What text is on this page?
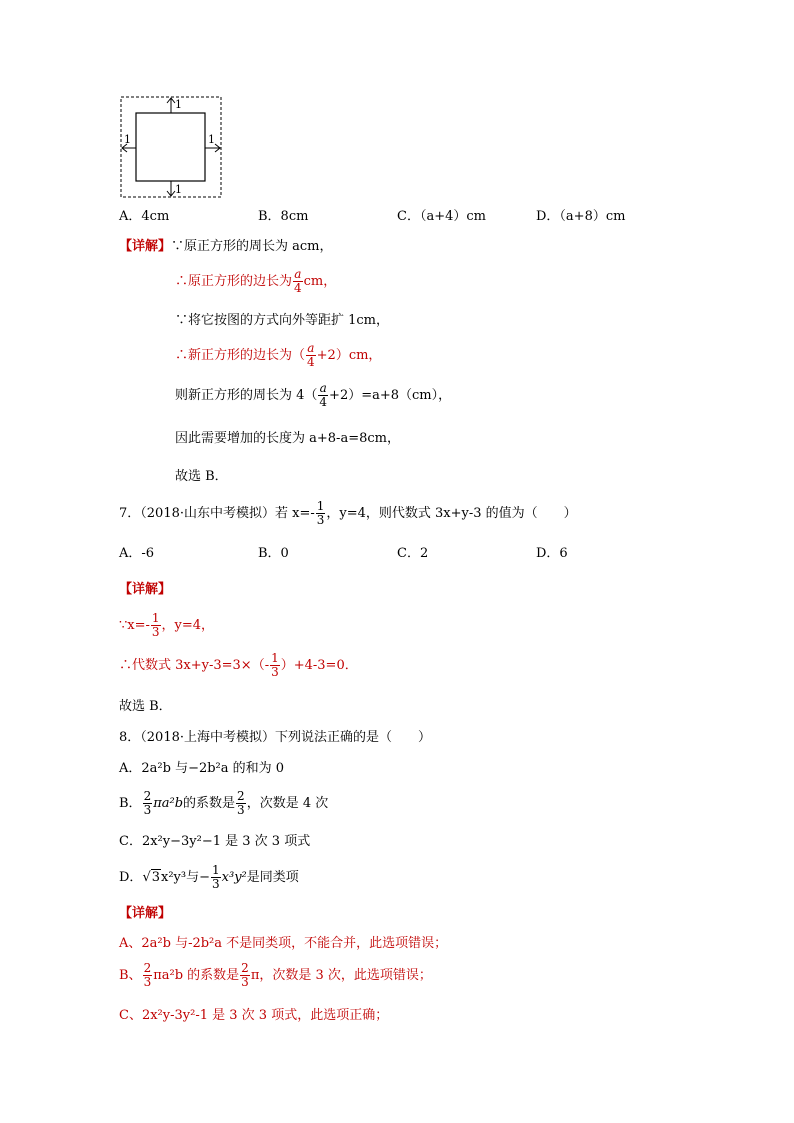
1
1	1
1
A．4cm	B．8cm	C．（a+4）cm	D．（a+8）cm
【详解】 ∵原正方形的周长为 acm，
∴原正方形的边长为 $\frac{a}{4}$ cm，
∵将它按图的方式向外等距扩 1cm，
∴新正方形的边长为（ $\frac{a}{4} +2)cm$，
则新正方形的周长为 $4( \frac{a}{4} +2)=a+8(cm)$，
因此需要增加的长度为 a+8-a=8cm，
故选 B．
7．（2018·山东中考模拟）若 $x=- \frac{1}{3}$ ，y=4，则代数式 3x+y-3 的值为（　　）
A．-6	B．0	C．2	D．6
【详解】
∵x=- $\frac{1}{3}$ ，y=4，
∴代数式 $3x+y-3=3\times(- \frac{1}{3} )+4-3=0$．
故选 B．
8．（2018·上海中考模拟）下列说法正确的是（　　）
A．2a²b 与−2b²a 的和为 0
B． $\frac{2}{3} \pi a^2b$ 的系数是 $\frac{2}{3}$ ，次数是 4 次
C．2x²y−3y²−1 是 3 次 3 项式
D． √3 x²y³与− $\frac{1}{3} x^3y^2$ 是同类项
【详解】
A、2a²b 与-2b²a 不是同类项，不能合并，此选项错误；
B、 $\frac{2}{3} \pi a^2b$ 的系数是 $\frac{2}{3}$ π，次数是 3 次，此选项错误；
C、2x²y-3y²-1 是 3 次 3 项式，此选项正确；
